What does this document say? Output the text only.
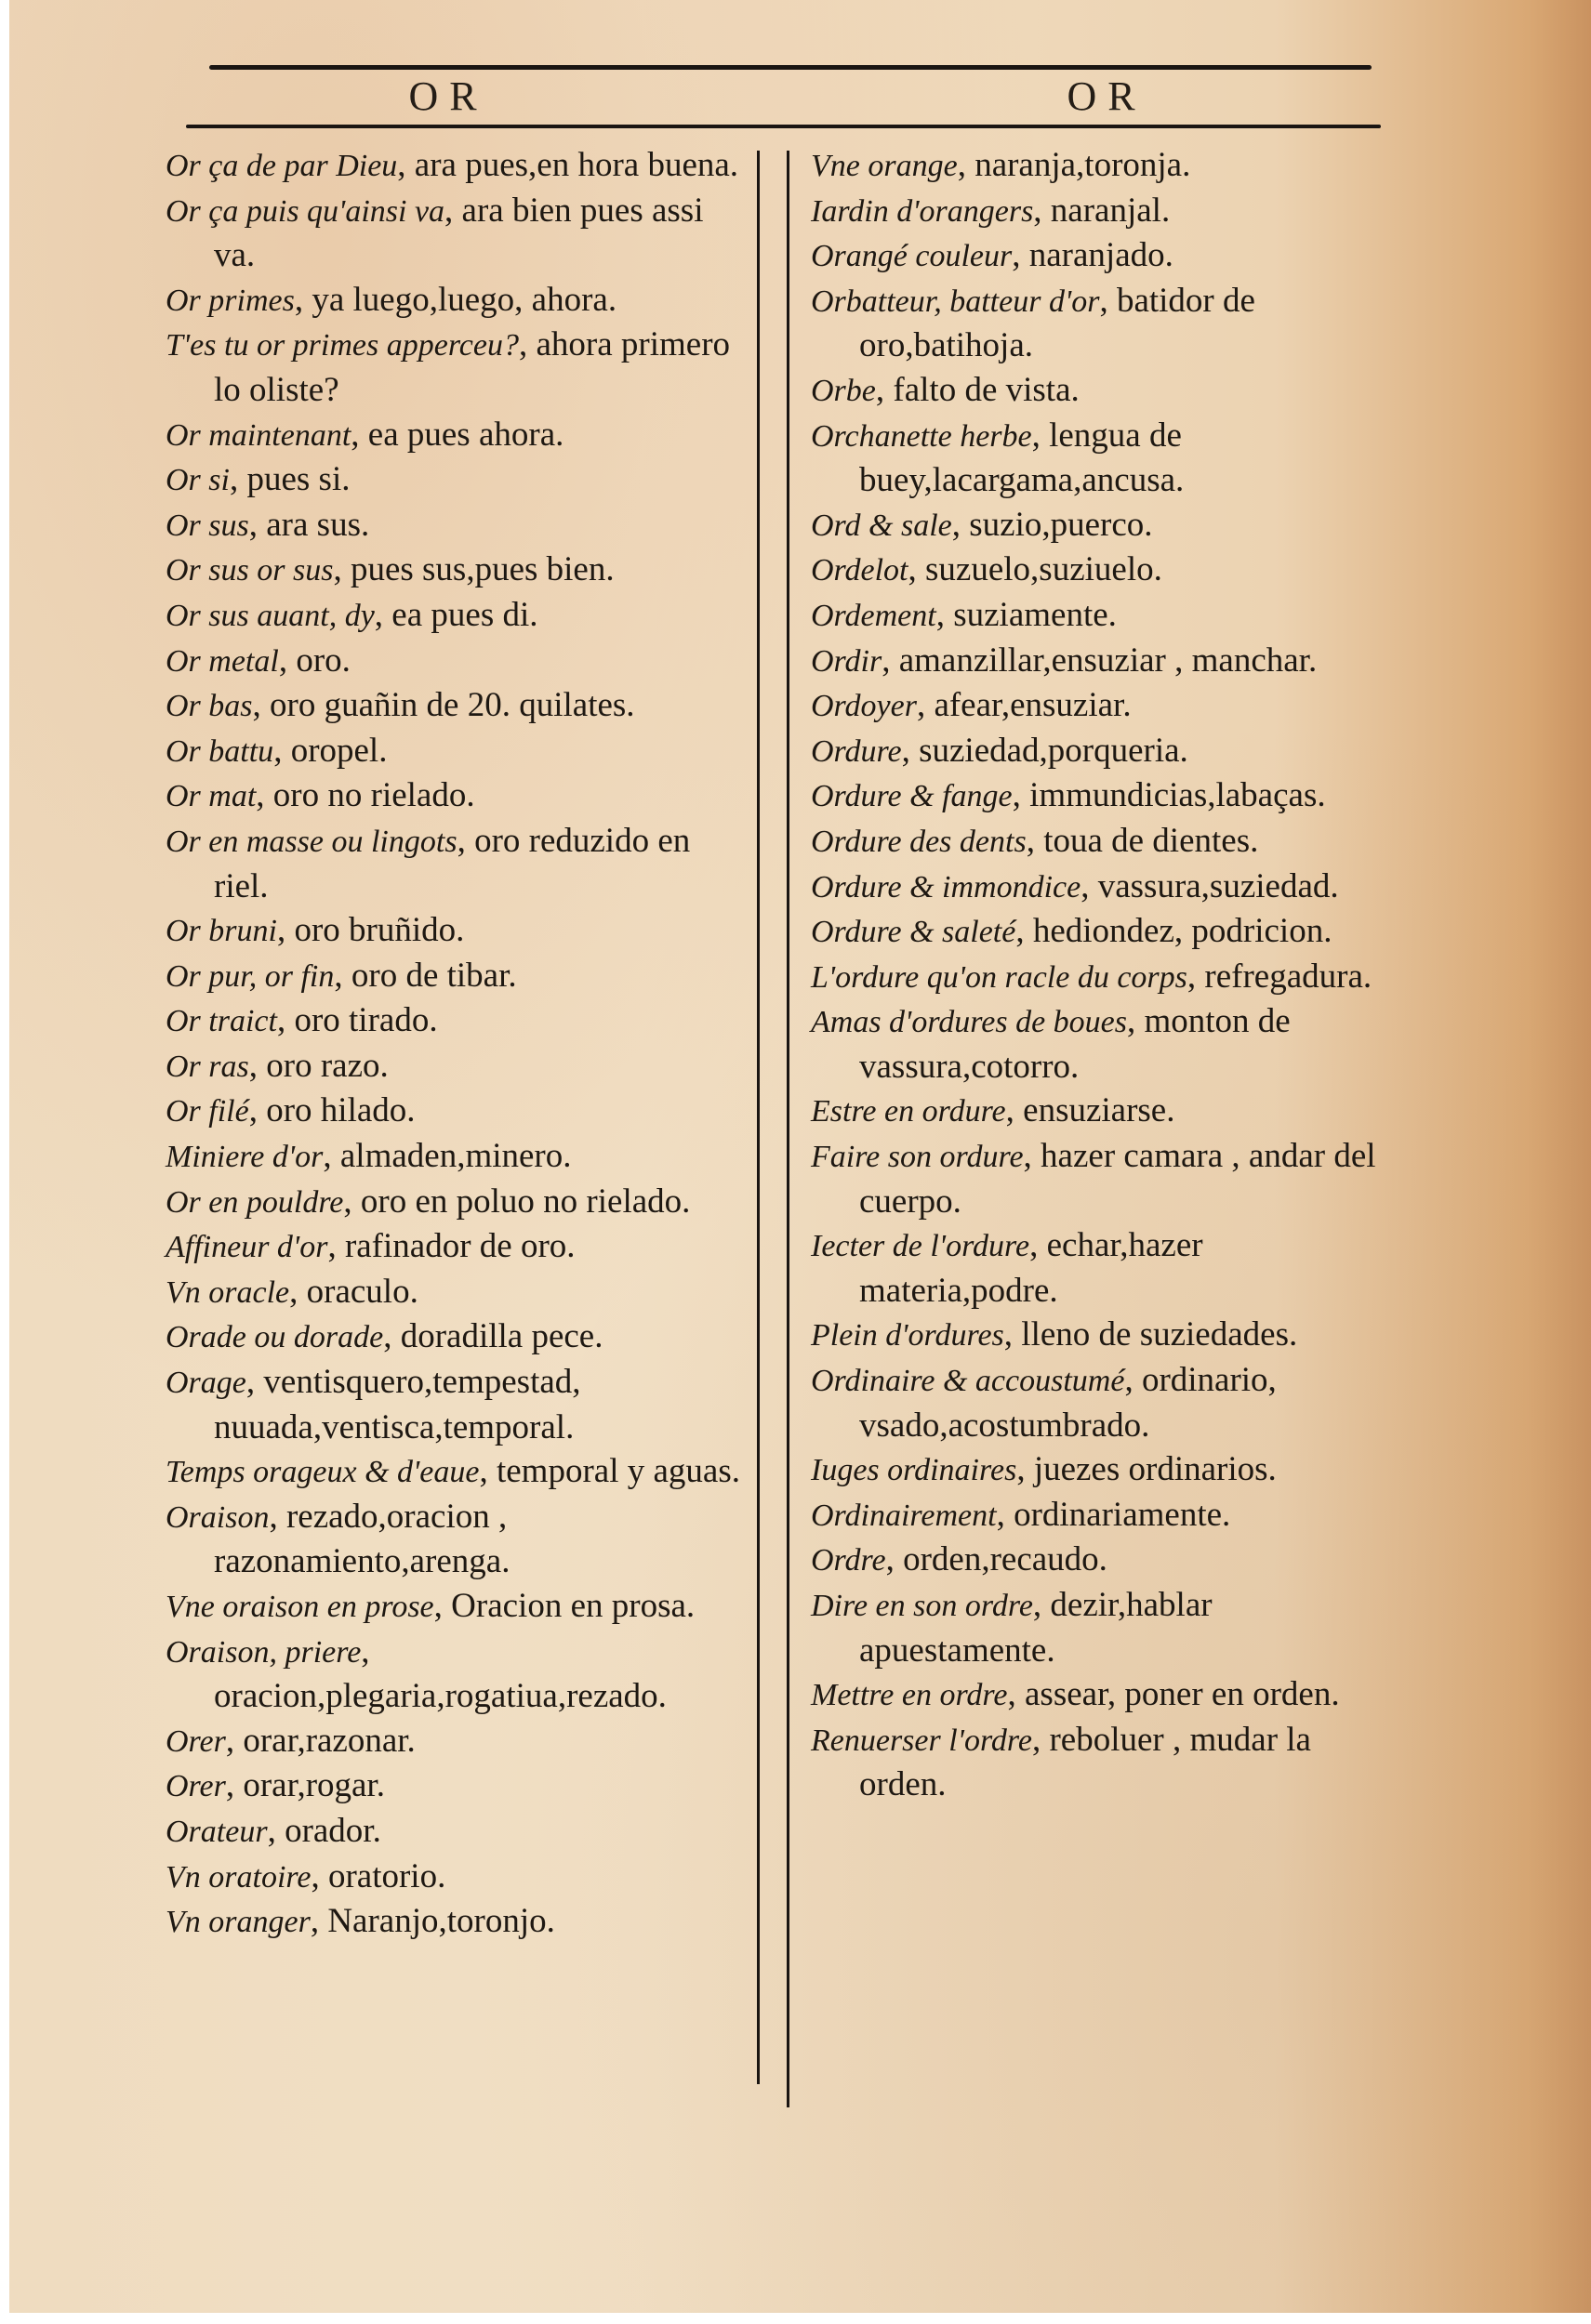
OR	OR

Or ça de par Dieu, ara pues,en hora buena.

Or ça puis qu'ainsi va, ara bien pues assi va.

Or primes, ya luego,luego, ahora.

T'es tu or primes apperceu?, ahora primero lo oliste?

Or maintenant, ea pues ahora.

Or si, pues si.

Or sus, ara sus.

Or sus or sus, pues sus,pues bien.

Or sus auant, dy, ea pues di.

Or metal, oro.

Or bas, oro guañin de 20. quilates.

Or battu, oropel.

Or mat, oro no rielado.

Or en masse ou lingots, oro reduzido en riel.

Or bruni, oro bruñido.

Or pur, or fin, oro de tibar.

Or traict, oro tirado.

Or ras, oro razo.

Or filé, oro hilado.

Miniere d'or, almaden,minero.

Or en pouldre, oro en poluo no rielado.

Affineur d'or, rafinador de oro.

Vn oracle, oraculo.

Orade ou dorade, doradilla pece.

Orage, ventisquero,tempestad, nuuada,ventisca,temporal.

Temps orageux & d'eaue, temporal y aguas.

Oraison, rezado,oracion , razonamiento,arenga.

Vne oraison en prose, Oracion en prosa.

Oraison, priere, oracion,plegaria,rogatiua,rezado.

Orer, orar,razonar.

Orer, orar,rogar.

Orateur, orador.

Vn oratoire, oratorio.

Vn oranger, Naranjo,toronjo.

Vne orange, naranja,toronja.

Iardin d'orangers, naranjal.

Orangé couleur, naranjado.

Orbatteur, batteur d'or, batidor de oro,batihoja.

Orbe, falto de vista.

Orchanette herbe, lengua de buey,lacargama,ancusa.

Ord & sale, suzio,puerco.

Ordelot, suzuelo,suziuelo.

Ordement, suziamente.

Ordir, amanzillar,ensuziar , manchar.

Ordoyer, afear,ensuziar.

Ordure, suziedad,porqueria.

Ordure & fange, immundicias,labaças.

Ordure des dents, toua de dientes.

Ordure & immondice, vassura,suziedad.

Ordure & saleté, hediondez, podricion.

L'ordure qu'on racle du corps, refregadura.

Amas d'ordures de boues, monton de vassura,cotorro.

Estre en ordure, ensuziarse.

Faire son ordure, hazer camara , andar del cuerpo.

Iecter de l'ordure, echar,hazer materia,podre.

Plein d'ordures, lleno de suziedades.

Ordinaire & accoustumé, ordinario, vsado,acostumbrado.

Iuges ordinaires, juezes ordinarios.

Ordinairement, ordinariamente.

Ordre, orden,recaudo.

Dire en son ordre, dezir,hablar apuestamente.

Mettre en ordre, assear, poner en orden.

Renuerser l'ordre, reboluer , mudar la orden.
